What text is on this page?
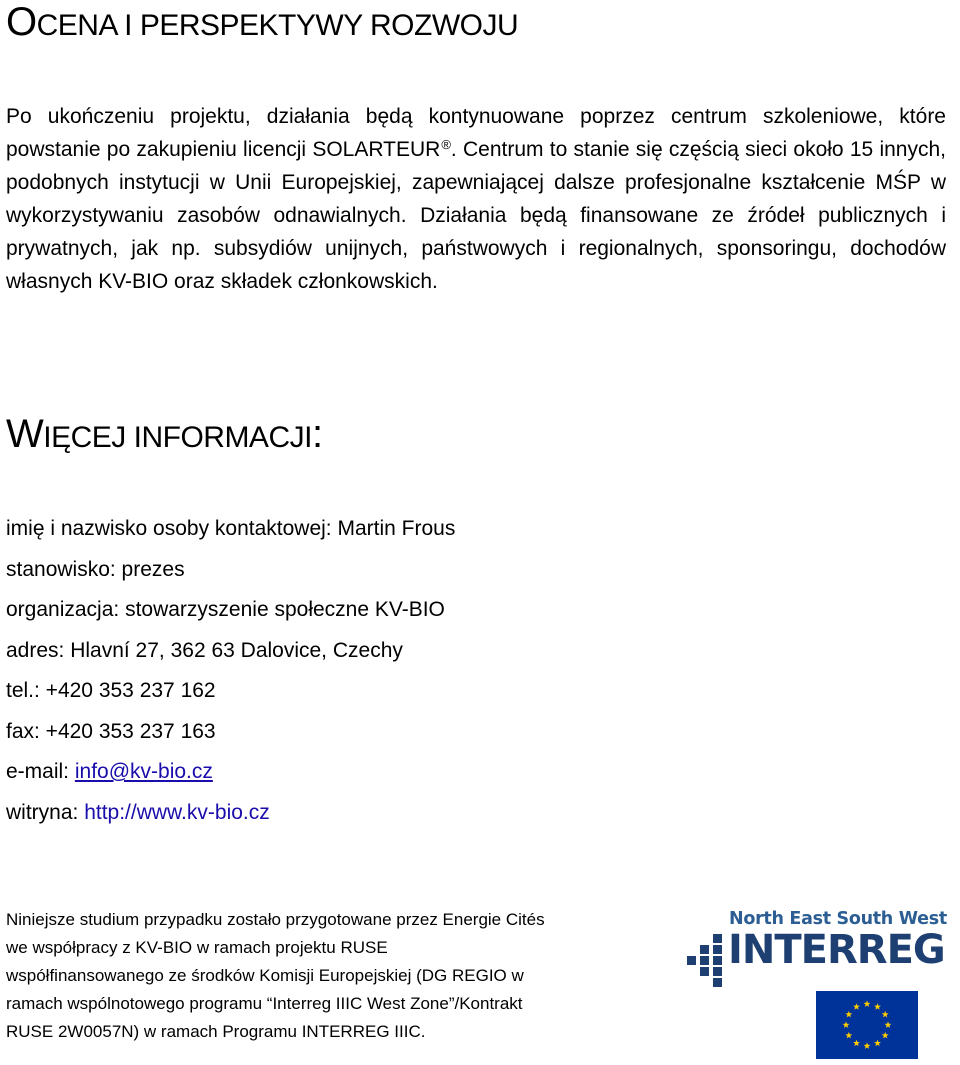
OCENA I PERSPEKTYWY ROZWOJU

Po ukończeniu projektu, działania będą kontynuowane poprzez centrum szkoleniowe, które powstanie po zakupieniu licencji SOLARTEUR®. Centrum to stanie się częścią sieci około 15 innych, podobnych instytucji w Unii Europejskiej, zapewniającej dalsze profesjonalne kształcenie MŚP w wykorzystywaniu zasobów odnawialnych. Działania będą finansowane ze źródeł publicznych i prywatnych, jak np. subsydiów unijnych, państwowych i regionalnych, sponsoringu, dochodów własnych KV-BIO oraz składek członkowskich.

WIĘCEJ INFORMACJI:
imię i nazwisko osoby kontaktowej: Martin Frous
stanowisko: prezes
organizacja: stowarzyszenie społeczne KV-BIO
adres: Hlavní 27, 362 63 Dalovice, Czechy
tel.: +420 353 237 162
fax: +420 353 237 163
e-mail: info@kv-bio.cz
witryna: http://www.kv-bio.cz

Niniejsze studium przypadku zostało przygotowane przez Energie Cités
we współpracy z KV-BIO w ramach projektu RUSE
współfinansowanego ze środków Komisji Europejskiej (DG REGIO w
ramach wspólnotowego programu “Interreg IIIC West Zone”/Kontrakt
RUSE 2W0057N) w ramach Programu INTERREG IIIC.

North East South West
INTERREG
